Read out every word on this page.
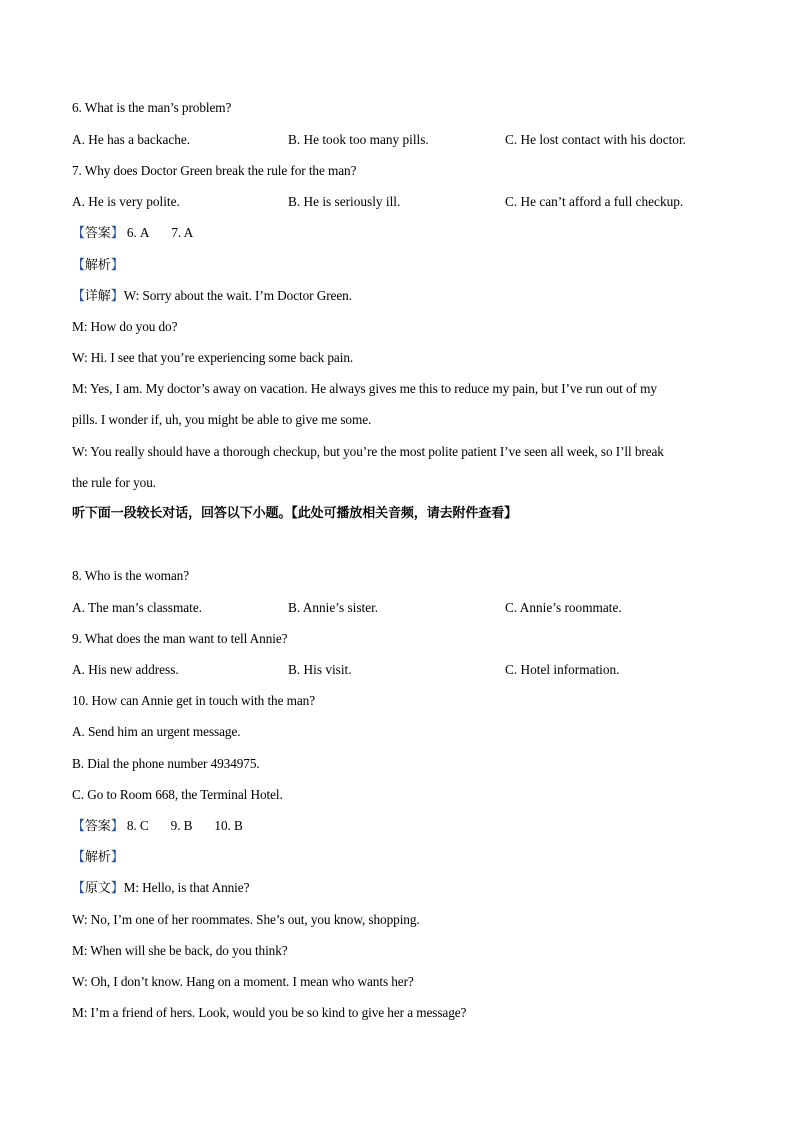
6. What is the man’s problem?
A. He has a backache.	B. He took too many pills.	C. He lost contact with his doctor.
7. Why does Doctor Green break the rule for the man?
A. He is very polite.	B. He is seriously ill.	C. He can’t afford a full checkup.
【答案】 6. A 7. A
【解析】
【详解】W: Sorry about the wait. I’m Doctor Green.
M: How do you do?
W: Hi. I see that you’re experiencing some back pain.
M: Yes, I am. My doctor’s away on vacation. He always gives me this to reduce my pain, but I’ve run out of my
pills. I wonder if, uh, you might be able to give me some.
W: You really should have a thorough checkup, but you’re the most polite patient I’ve seen all week, so I’ll break
the rule for you.
听下面一段较长对话，回答以下小题。【此处可播放相关音频，请去附件查看】
8. Who is the woman?
A. The man’s classmate.	B. Annie’s sister.	C. Annie’s roommate.
9. What does the man want to tell Annie?
A. His new address.	B. His visit.	C. Hotel information.
10. How can Annie get in touch with the man?
A. Send him an urgent message.
B. Dial the phone number 4934975.
C. Go to Room 668, the Terminal Hotel.
【答案】 8. C 9. B 10. B
【解析】
【原文】M: Hello, is that Annie?
W: No, I’m one of her roommates. She’s out, you know, shopping.
M: When will she be back, do you think?
W: Oh, I don’t know. Hang on a moment. I mean who wants her?
M: I’m a friend of hers. Look, would you be so kind to give her a message?
